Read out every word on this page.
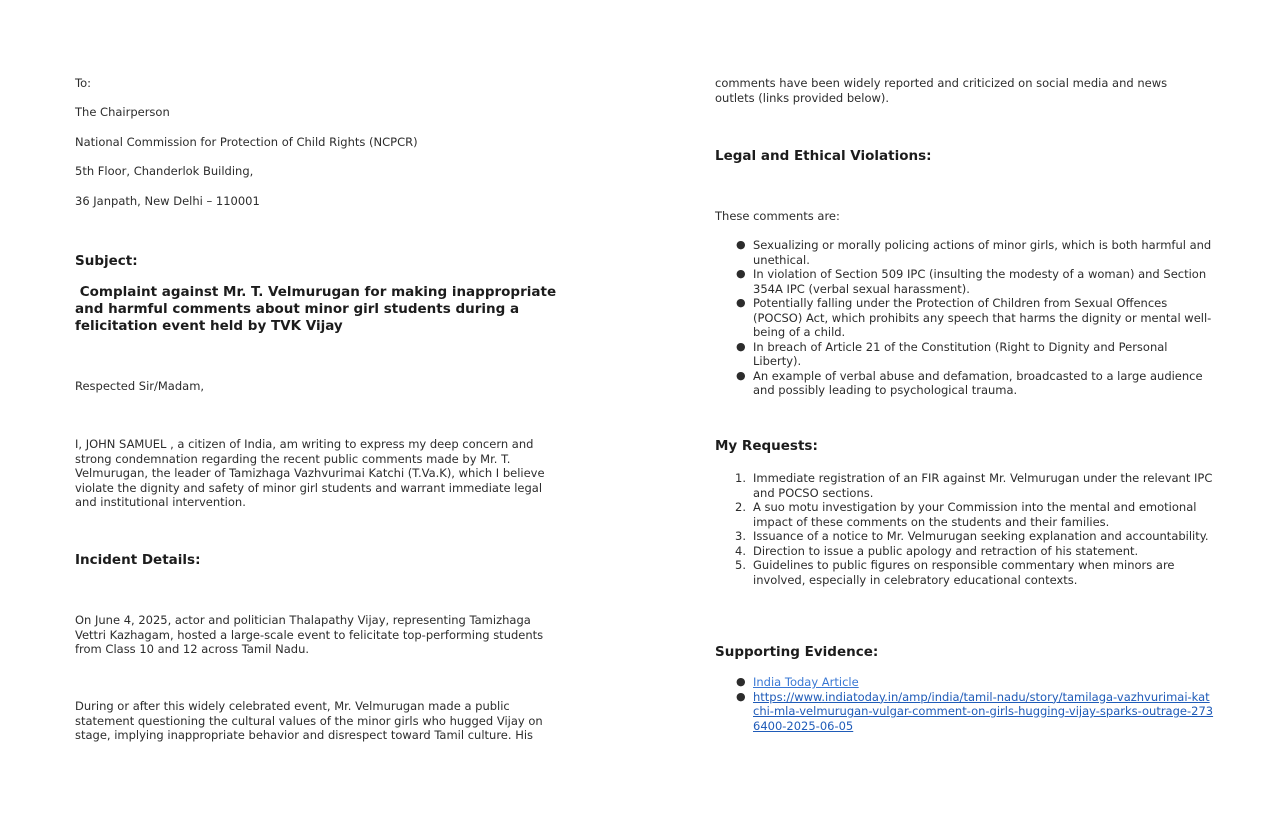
To:

The Chairperson

National Commission for Protection of Child Rights (NCPCR)

5th Floor, Chanderlok Building,

36 Janpath, New Delhi – 110001

Subject:

Complaint against Mr. T. Velmurugan for making inappropriate and harmful comments about minor girl students during a felicitation event held by TVK Vijay

Respected Sir/Madam,

I, JOHN SAMUEL , a citizen of India, am writing to express my deep concern and strong condemnation regarding the recent public comments made by Mr. T. Velmurugan, the leader of Tamizhaga Vazhvurimai Katchi (T.Va.K), which I believe violate the dignity and safety of minor girl students and warrant immediate legal and institutional intervention.

Incident Details:

On June 4, 2025, actor and politician Thalapathy Vijay, representing Tamizhaga Vettri Kazhagam, hosted a large-scale event to felicitate top-performing students from Class 10 and 12 across Tamil Nadu.

During or after this widely celebrated event, Mr. Velmurugan made a public statement questioning the cultural values of the minor girls who hugged Vijay on stage, implying inappropriate behavior and disrespect toward Tamil culture. His

comments have been widely reported and criticized on social media and news outlets (links provided below).

Legal and Ethical Violations:

These comments are:

● Sexualizing or morally policing actions of minor girls, which is both harmful and unethical.
● In violation of Section 509 IPC (insulting the modesty of a woman) and Section 354A IPC (verbal sexual harassment).
● Potentially falling under the Protection of Children from Sexual Offences (POCSO) Act, which prohibits any speech that harms the dignity or mental well-being of a child.
● In breach of Article 21 of the Constitution (Right to Dignity and Personal Liberty).
● An example of verbal abuse and defamation, broadcasted to a large audience and possibly leading to psychological trauma.

My Requests:

1. Immediate registration of an FIR against Mr. Velmurugan under the relevant IPC and POCSO sections.
2. A suo motu investigation by your Commission into the mental and emotional impact of these comments on the students and their families.
3. Issuance of a notice to Mr. Velmurugan seeking explanation and accountability.
4. Direction to issue a public apology and retraction of his statement.
5. Guidelines to public figures on responsible commentary when minors are involved, especially in celebratory educational contexts.

Supporting Evidence:

● India Today Article
● https://www.indiatoday.in/amp/india/tamil-nadu/story/tamilaga-vazhvurimai-katchi-mla-velmurugan-vulgar-comment-on-girls-hugging-vijay-sparks-outrage-2736400-2025-06-05
